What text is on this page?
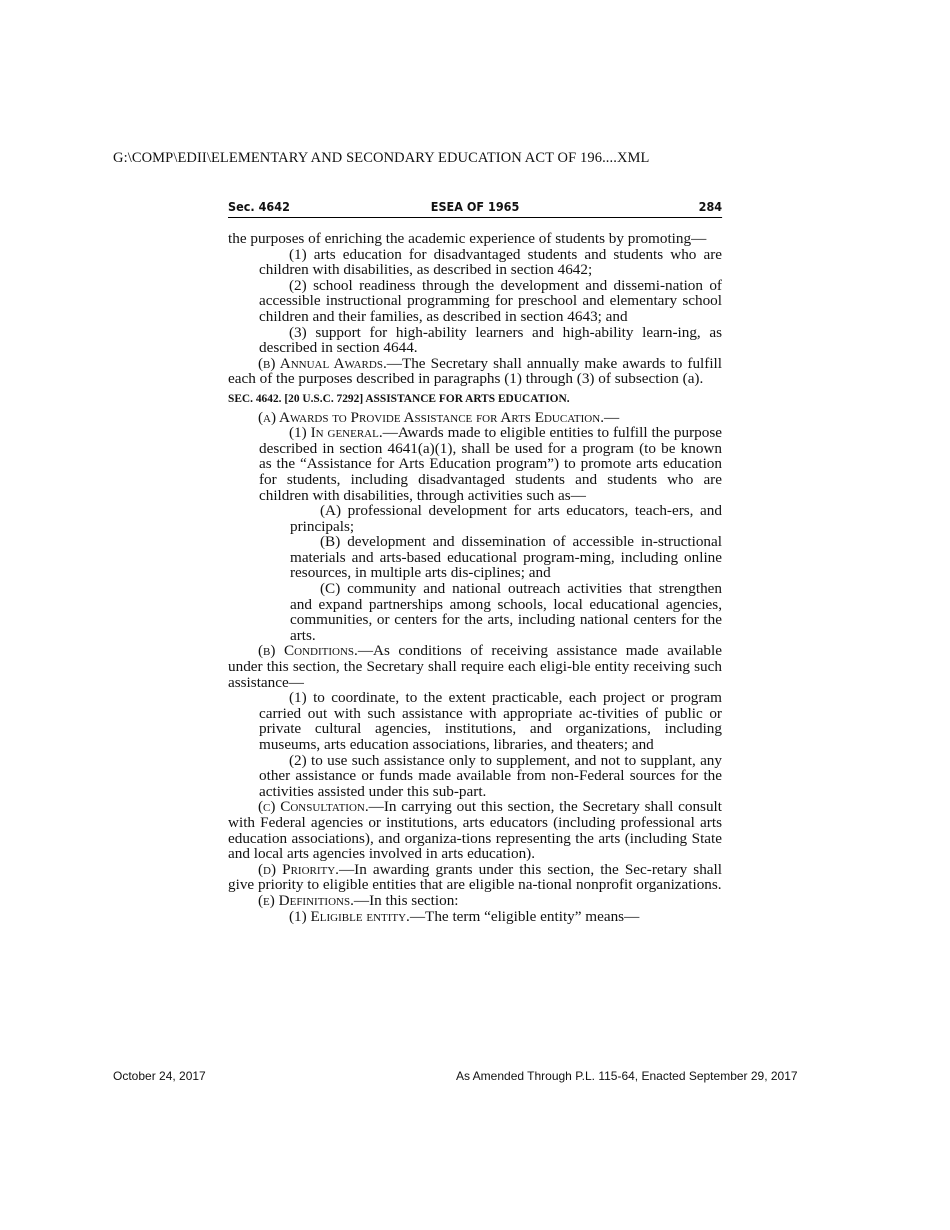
G:\COMP\EDII\ELEMENTARY AND SECONDARY EDUCATION ACT OF 196....XML
Sec. 4642	ESEA OF 1965	284

the purposes of enriching the academic experience of students by promoting—

(1) arts education for disadvantaged students and students who are children with disabilities, as described in section 4642;

(2) school readiness through the development and dissemi-nation of accessible instructional programming for preschool and elementary school children and their families, as described in section 4643; and

(3) support for high-ability learners and high-ability learn-ing, as described in section 4644.

(b) Annual Awards.—The Secretary shall annually make awards to fulfill each of the purposes described in paragraphs (1) through (3) of subsection (a).

SEC. 4642. [20 U.S.C. 7292] ASSISTANCE FOR ARTS EDUCATION.

(a) Awards to Provide Assistance for Arts Education.—

(1) In general.—Awards made to eligible entities to fulfill the purpose described in section 4641(a)(1), shall be used for a program (to be known as the “Assistance for Arts Education program”) to promote arts education for students, including disadvantaged students and students who are children with disabilities, through activities such as—

(A) professional development for arts educators, teach-ers, and principals;

(B) development and dissemination of accessible in-structional materials and arts-based educational program-ming, including online resources, in multiple arts dis-ciplines; and

(C) community and national outreach activities that strengthen and expand partnerships among schools, local educational agencies, communities, or centers for the arts, including national centers for the arts.

(b) Conditions.—As conditions of receiving assistance made available under this section, the Secretary shall require each eligi-ble entity receiving such assistance—

(1) to coordinate, to the extent practicable, each project or program carried out with such assistance with appropriate ac-tivities of public or private cultural agencies, institutions, and organizations, including museums, arts education associations, libraries, and theaters; and

(2) to use such assistance only to supplement, and not to supplant, any other assistance or funds made available from non-Federal sources for the activities assisted under this sub-part.

(c) Consultation.—In carrying out this section, the Secretary shall consult with Federal agencies or institutions, arts educators (including professional arts education associations), and organiza-tions representing the arts (including State and local arts agencies involved in arts education).

(d) Priority.—In awarding grants under this section, the Sec-retary shall give priority to eligible entities that are eligible na-tional nonprofit organizations.

(e) Definitions.—In this section:

(1) Eligible entity.—The term “eligible entity” means—

October 24, 2017	As Amended Through P.L. 115-64, Enacted September 29, 2017
